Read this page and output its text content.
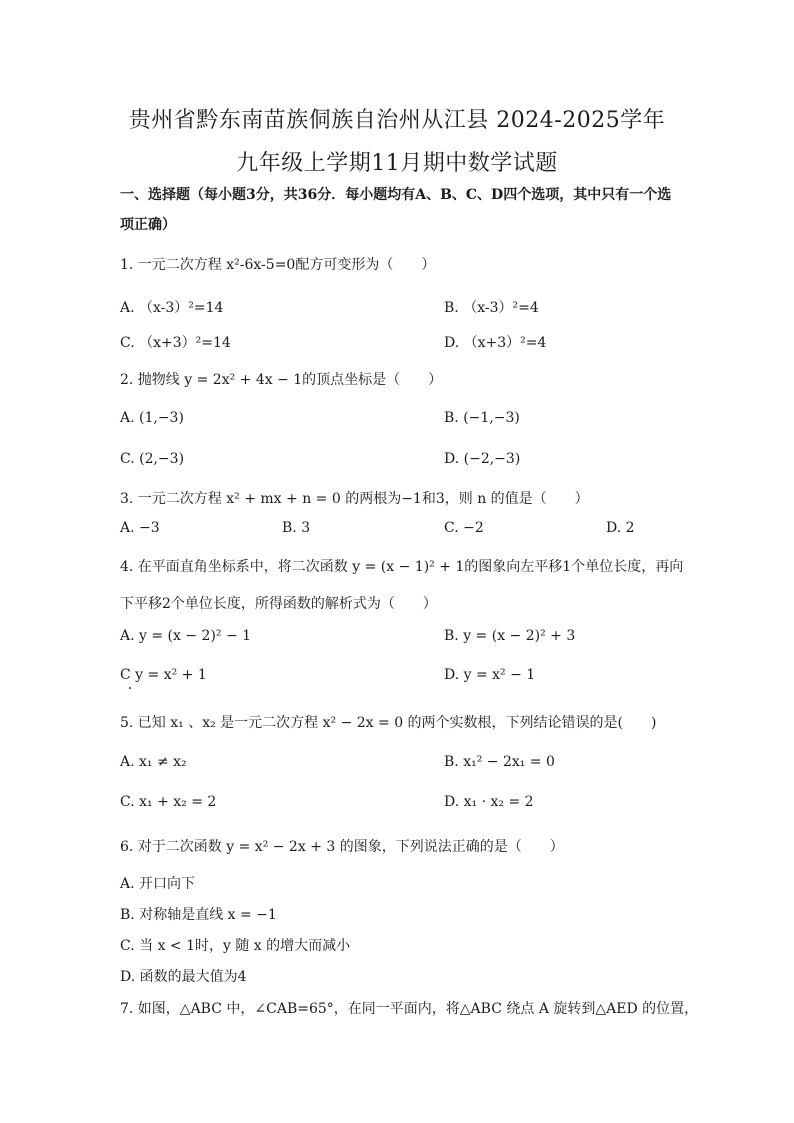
贵州省黔东南苗族侗族自治州从江县 2024-2025学年
九年级上学期11月期中数学试题
一、选择题（每小题3分，共36分．每小题均有A、B、C、D四个选项，其中只有一个选项正确）
1. 一元二次方程 x²-6x-5=0配方可变形为（　　）
A. （x-3）²=14	B. （x-3）²=4
C. （x+3）²=14	D. （x+3）²=4
2. 抛物线 y = 2x² + 4x − 1的顶点坐标是（　　）
A. (1,−3)	B. (−1,−3)
C. (2,−3)	D. (−2,−3)
3. 一元二次方程 x² + mx + n = 0 的两根为−1和3，则 n 的值是（　　）
A. −3	B. 3	C. −2	D. 2
4. 在平面直角坐标系中，将二次函数 y = (x − 1)² + 1的图象向左平移1个单位长度，再向
下平移2个单位长度，所得函数的解析式为（　　）
A. y = (x − 2)² − 1	B. y = (x − 2)² + 3
C y = x² + 1	D. y = x² − 1
5. 已知 x₁ 、x₂ 是一元二次方程 x² − 2x = 0 的两个实数根，下列结论错误的是(　　)
A. x₁ ≠ x₂	B. x₁² − 2x₁ = 0
C. x₁ + x₂ = 2	D. x₁ · x₂ = 2
6. 对于二次函数 y = x² − 2x + 3 的图象，下列说法正确的是（　　）
A. 开口向下
B. 对称轴是直线 x = −1
C. 当 x < 1时，y 随 x 的增大而减小
D. 函数的最大值为4
7. 如图，△ABC 中，∠CAB=65°，在同一平面内，将△ABC 绕点 A 旋转到△AED 的位置，
